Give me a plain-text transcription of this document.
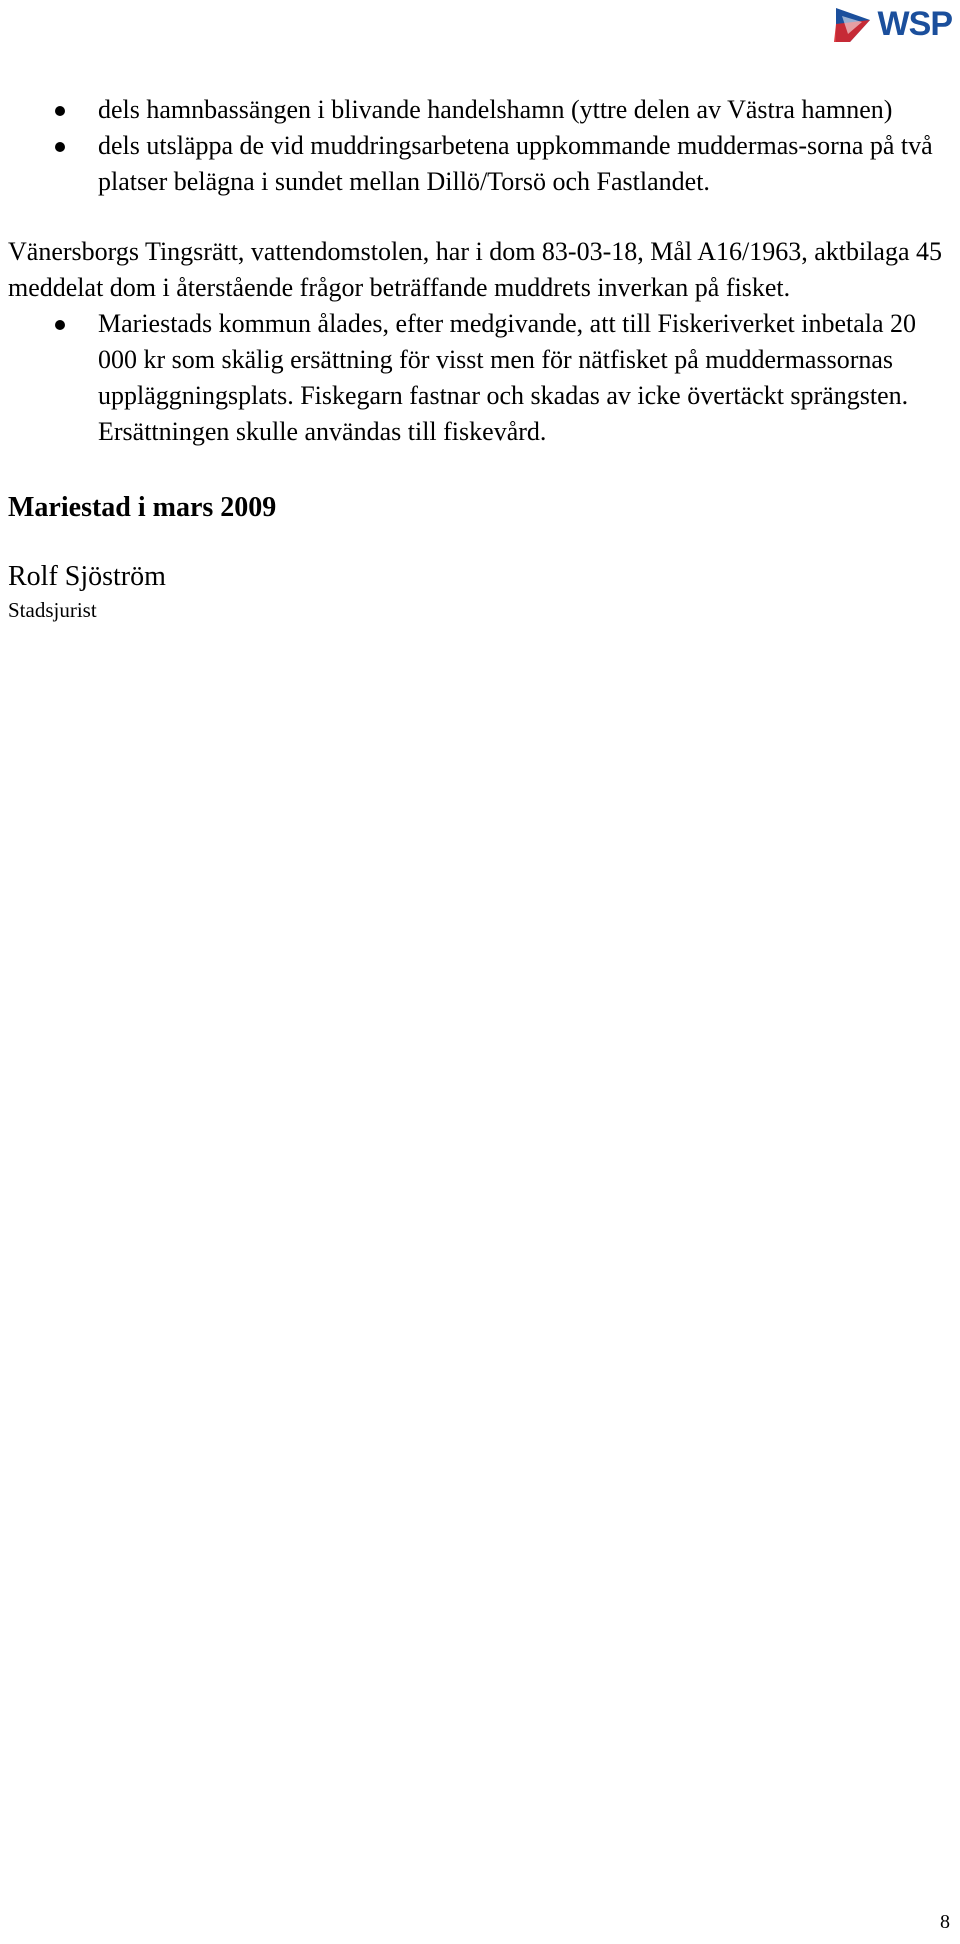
WSP
dels hamnbassängen i blivande handelshamn (yttre delen av Västra hamnen)
dels utsläppa de vid muddringsarbetena uppkommande muddermas-sorna på två platser belägna i sundet mellan Dillö/Torsö och Fastlandet.

Vänersborgs Tingsrätt, vattendomstolen, har i dom 83-03-18, Mål A16/1963, aktbilaga 45 meddelat dom i återstående frågor beträffande muddrets inverkan på fisket.

Mariestads kommun ålades, efter medgivande, att till Fiskeriverket inbetala 20 000 kr som skälig ersättning för visst men för nätfisket på muddermassornas uppläggningsplats. Fiskegarn fastnar och skadas av icke övertäckt sprängsten. Ersättningen skulle användas till fiskevård.

Mariestad i mars 2009

Rolf Sjöström

Stadsjurist

8
